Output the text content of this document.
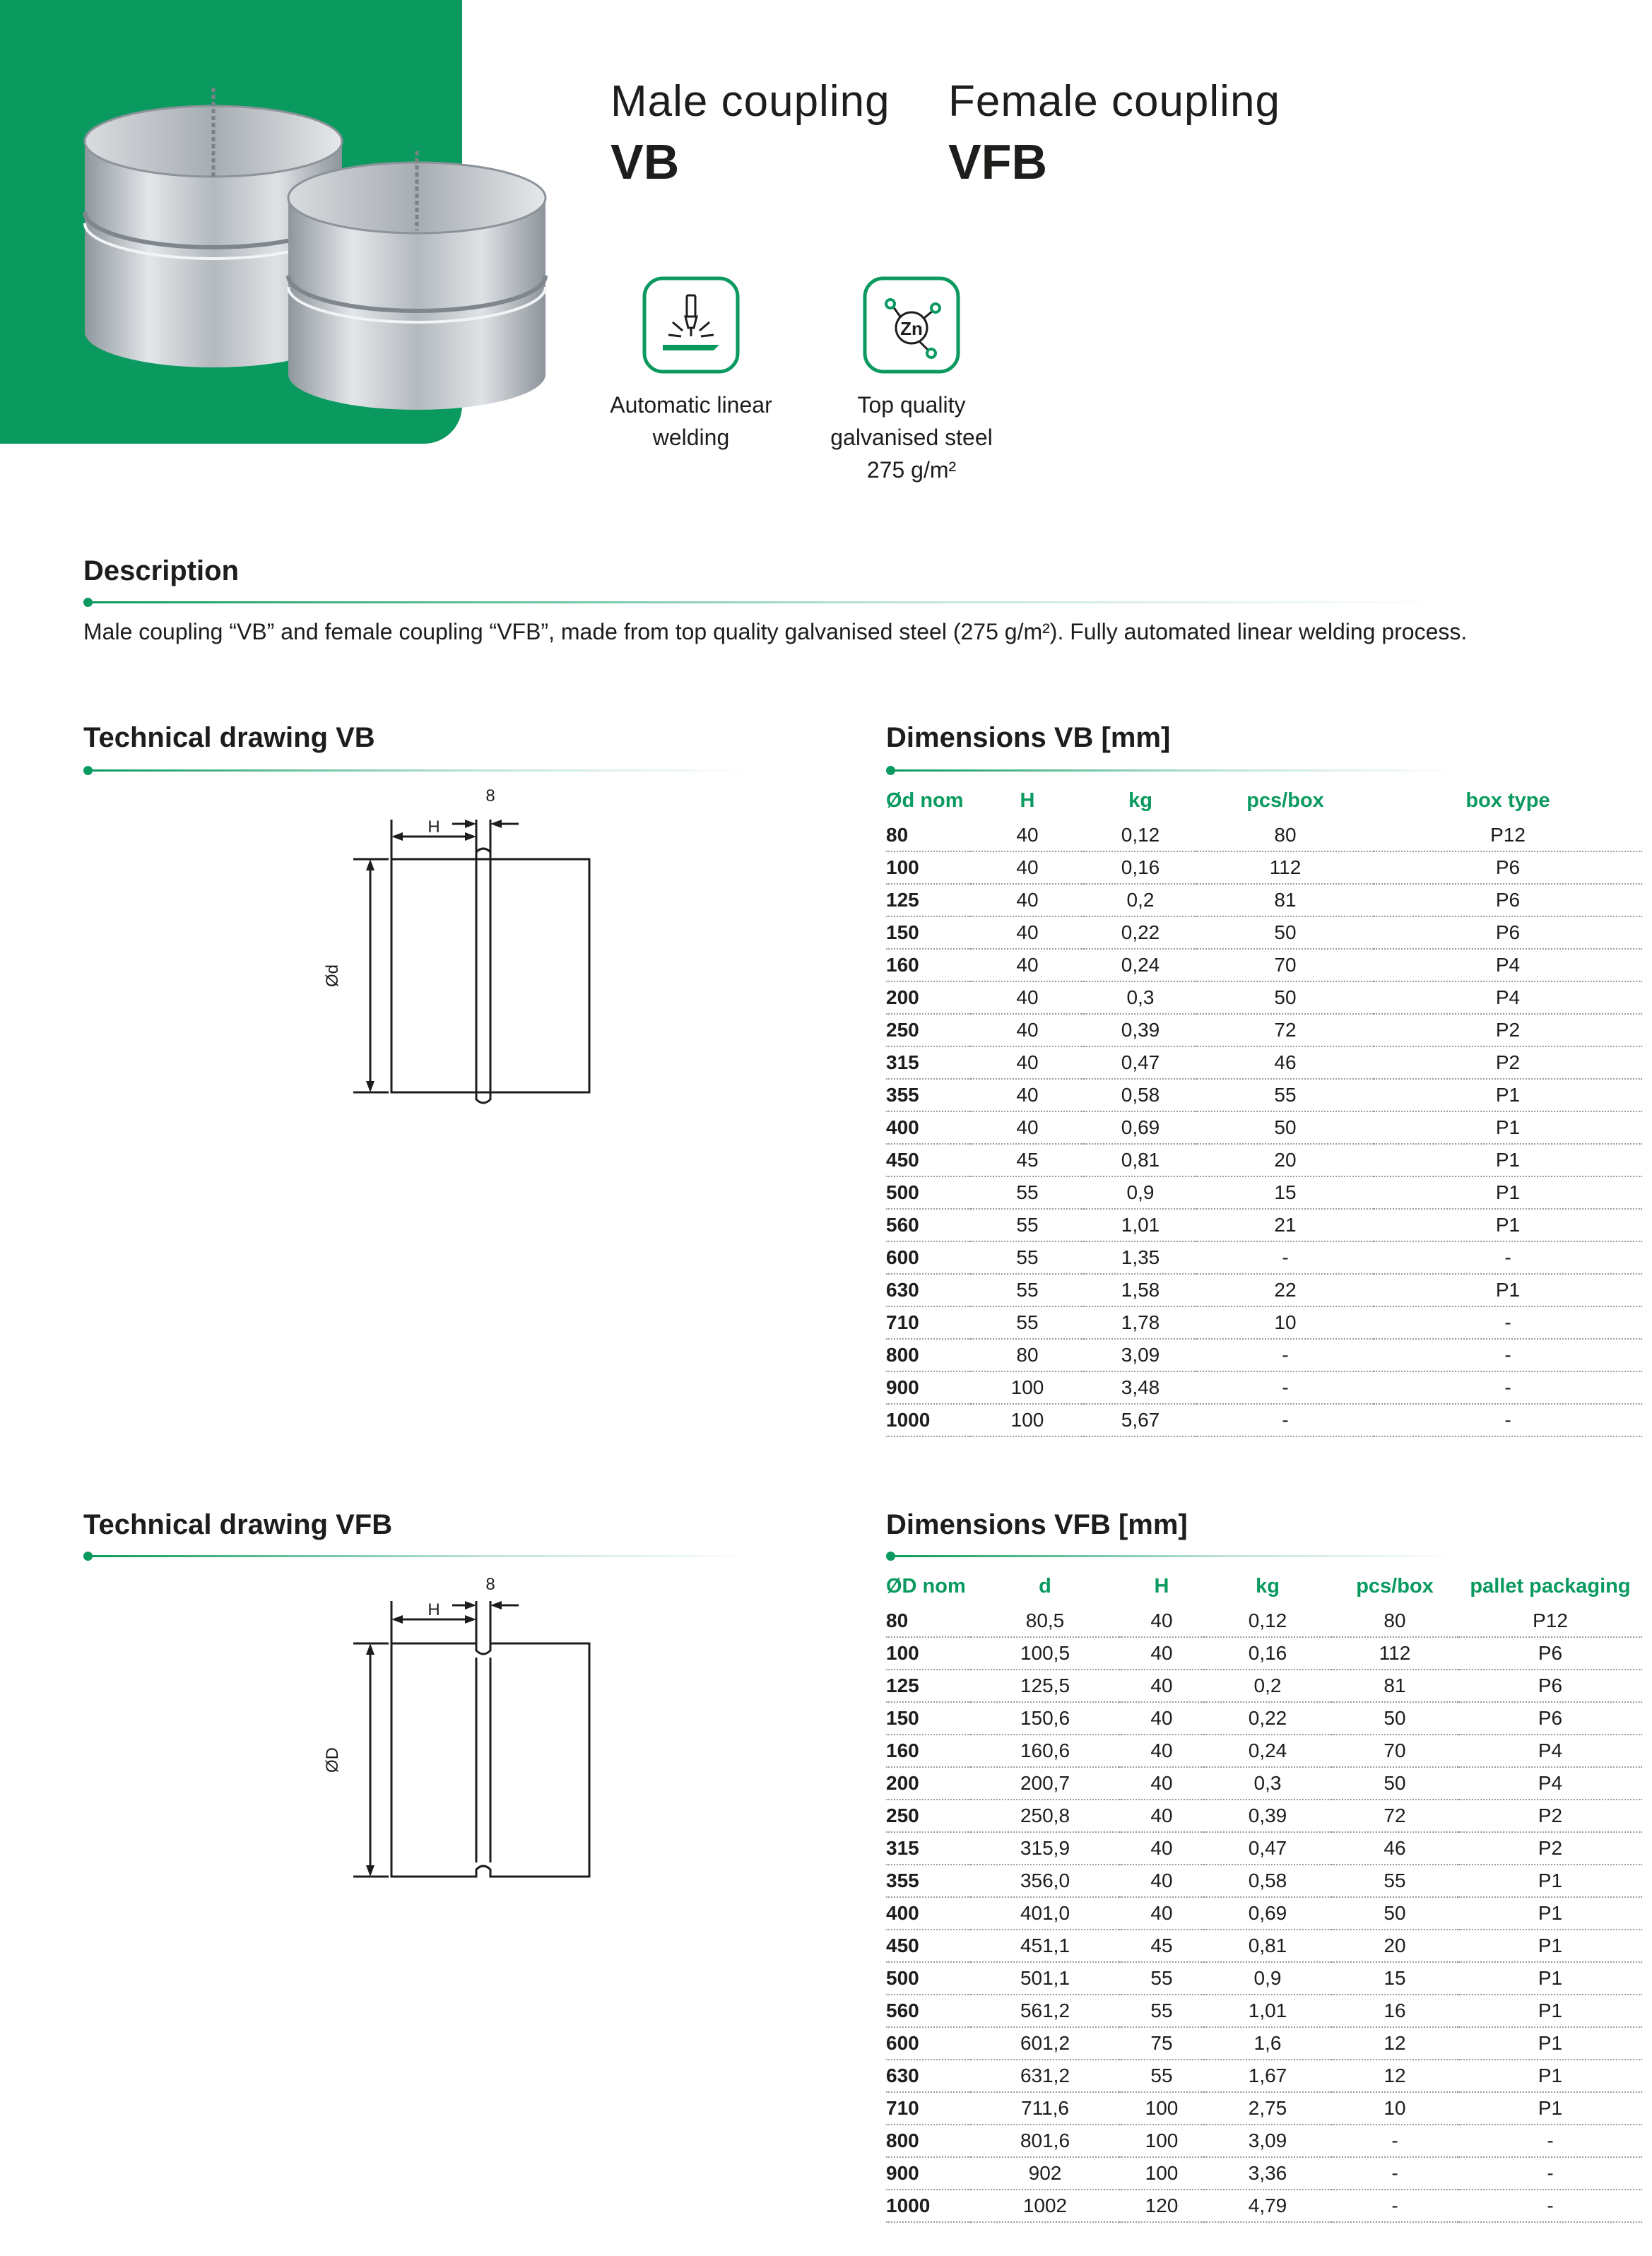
Male coupling
VB
Female coupling
VFB
Automatic linear
welding
Zn
Top quality
galvanised steel
275 g/m²
Description
Male coupling “VB” and female coupling “VFB”, made from top quality galvanised steel (275 g/m²). Fully automated linear welding process.
Technical drawing VB
H
8
Ød
Dimensions VB [mm]
Ød nom	H	kg	pcs/box	box type
80	40	0,12	80	P12
100	40	0,16	112	P6
125	40	0,2	81	P6
150	40	0,22	50	P6
160	40	0,24	70	P4
200	40	0,3	50	P4
250	40	0,39	72	P2
315	40	0,47	46	P2
355	40	0,58	55	P1
400	40	0,69	50	P1
450	45	0,81	20	P1
500	55	0,9	15	P1
560	55	1,01	21	P1
600	55	1,35	-	-
630	55	1,58	22	P1
710	55	1,78	10	-
800	80	3,09	-	-
900	100	3,48	-	-
1000	100	5,67	-	-
Technical drawing VFB
H
8
ØD
Dimensions VFB [mm]
ØD nom	d	H	kg	pcs/box	pallet packaging
80	80,5	40	0,12	80	P12
100	100,5	40	0,16	112	P6
125	125,5	40	0,2	81	P6
150	150,6	40	0,22	50	P6
160	160,6	40	0,24	70	P4
200	200,7	40	0,3	50	P4
250	250,8	40	0,39	72	P2
315	315,9	40	0,47	46	P2
355	356,0	40	0,58	55	P1
400	401,0	40	0,69	50	P1
450	451,1	45	0,81	20	P1
500	501,1	55	0,9	15	P1
560	561,2	55	1,01	16	P1
600	601,2	75	1,6	12	P1
630	631,2	55	1,67	12	P1
710	711,6	100	2,75	10	P1
800	801,6	100	3,09	-	-
900	902	100	3,36	-	-
1000	1002	120	4,79	-	-
